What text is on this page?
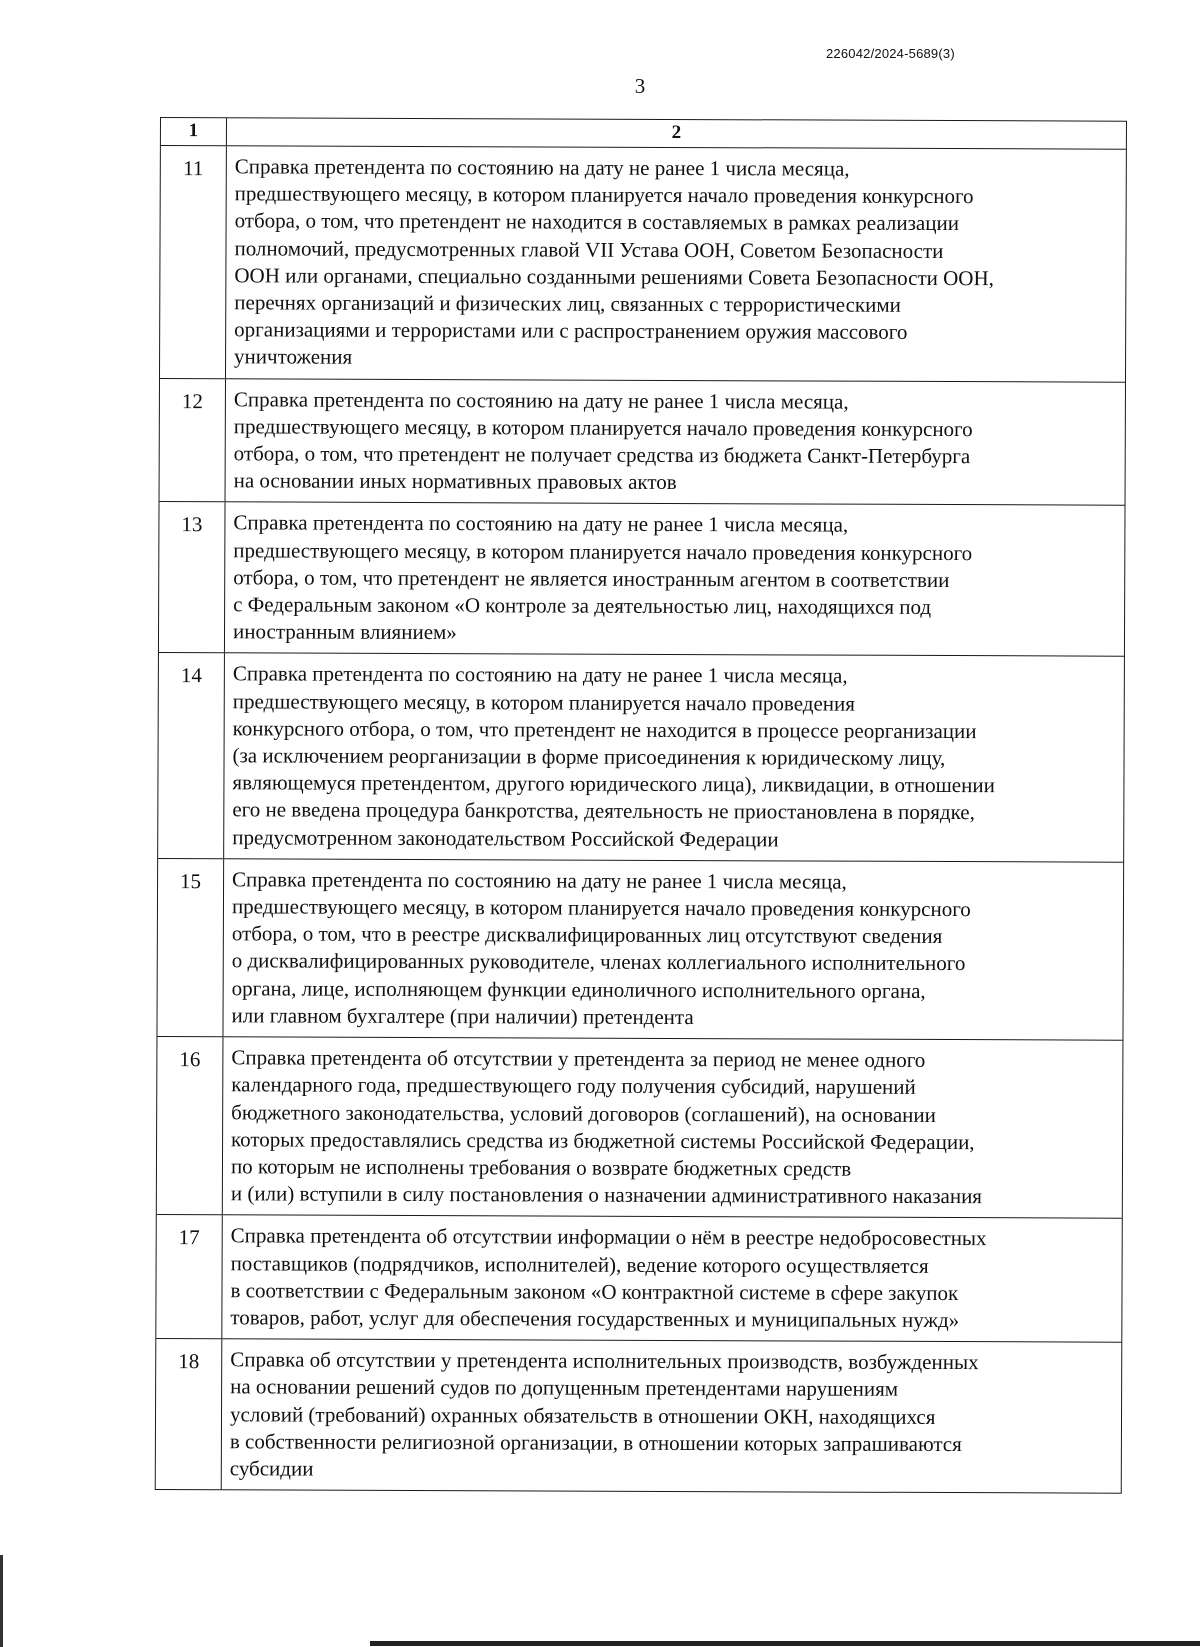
226042/2024-5689(3)
3
1	2
11	Справка претендента по состоянию на дату не ранее 1 числа месяца,
предшествующего месяцу, в котором планируется начало проведения конкурсного
отбора, о том, что претендент не находится в составляемых в рамках реализации
полномочий, предусмотренных главой VII Устава ООН, Советом Безопасности
ООН или органами, специально созданными решениями Совета Безопасности ООН,
перечнях организаций и физических лиц, связанных с террористическими
организациями и террористами или с распространением оружия массового
уничтожения
12	Справка претендента по состоянию на дату не ранее 1 числа месяца,
предшествующего месяцу, в котором планируется начало проведения конкурсного
отбора, о том, что претендент не получает средства из бюджета Санкт-Петербурга
на основании иных нормативных правовых актов
13	Справка претендента по состоянию на дату не ранее 1 числа месяца,
предшествующего месяцу, в котором планируется начало проведения конкурсного
отбора, о том, что претендент не является иностранным агентом в соответствии
с Федеральным законом «О контроле за деятельностью лиц, находящихся под
иностранным влиянием»
14	Справка претендента по состоянию на дату не ранее 1 числа месяца,
предшествующего месяцу, в котором планируется начало проведения
конкурсного отбора, о том, что претендент не находится в процессе реорганизации
(за исключением реорганизации в форме присоединения к юридическому лицу,
являющемуся претендентом, другого юридического лица), ликвидации, в отношении
его не введена процедура банкротства, деятельность не приостановлена в порядке,
предусмотренном законодательством Российской Федерации
15	Справка претендента по состоянию на дату не ранее 1 числа месяца,
предшествующего месяцу, в котором планируется начало проведения конкурсного
отбора, о том, что в реестре дисквалифицированных лиц отсутствуют сведения
о дисквалифицированных руководителе, членах коллегиального исполнительного
органа, лице, исполняющем функции единоличного исполнительного органа,
или главном бухгалтере (при наличии) претендента
16	Справка претендента об отсутствии у претендента за период не менее одного
календарного года, предшествующего году получения субсидий, нарушений
бюджетного законодательства, условий договоров (соглашений), на основании
которых предоставлялись средства из бюджетной системы Российской Федерации,
по которым не исполнены требования о возврате бюджетных средств
и (или) вступили в силу постановления о назначении административного наказания
17	Справка претендента об отсутствии информации о нём в реестре недобросовестных
поставщиков (подрядчиков, исполнителей), ведение которого осуществляется
в соответствии с Федеральным законом «О контрактной системе в сфере закупок
товаров, работ, услуг для обеспечения государственных и муниципальных нужд»
18	Справка об отсутствии у претендента исполнительных производств, возбужденных
на основании решений судов по допущенным претендентами нарушениям
условий (требований) охранных обязательств в отношении ОКН, находящихся
в собственности религиозной организации, в отношении которых запрашиваются
субсидии
